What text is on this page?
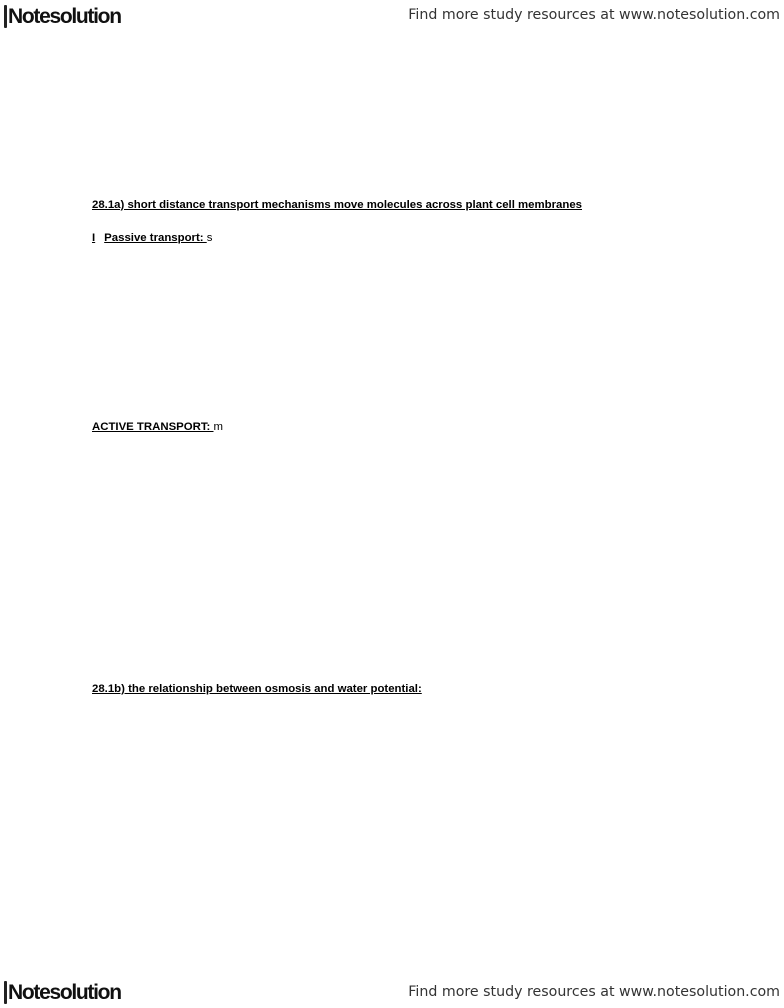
Notesolution	Find more study resources at www.notesolution.com
28.1a) short distance transport mechanisms move molecules across plant cell membranes
I Passive transport: s
ACTIVE TRANSPORT: m
28.1b) the relationship between osmosis and water potential:
Notesolution	Find more study resources at www.notesolution.com
